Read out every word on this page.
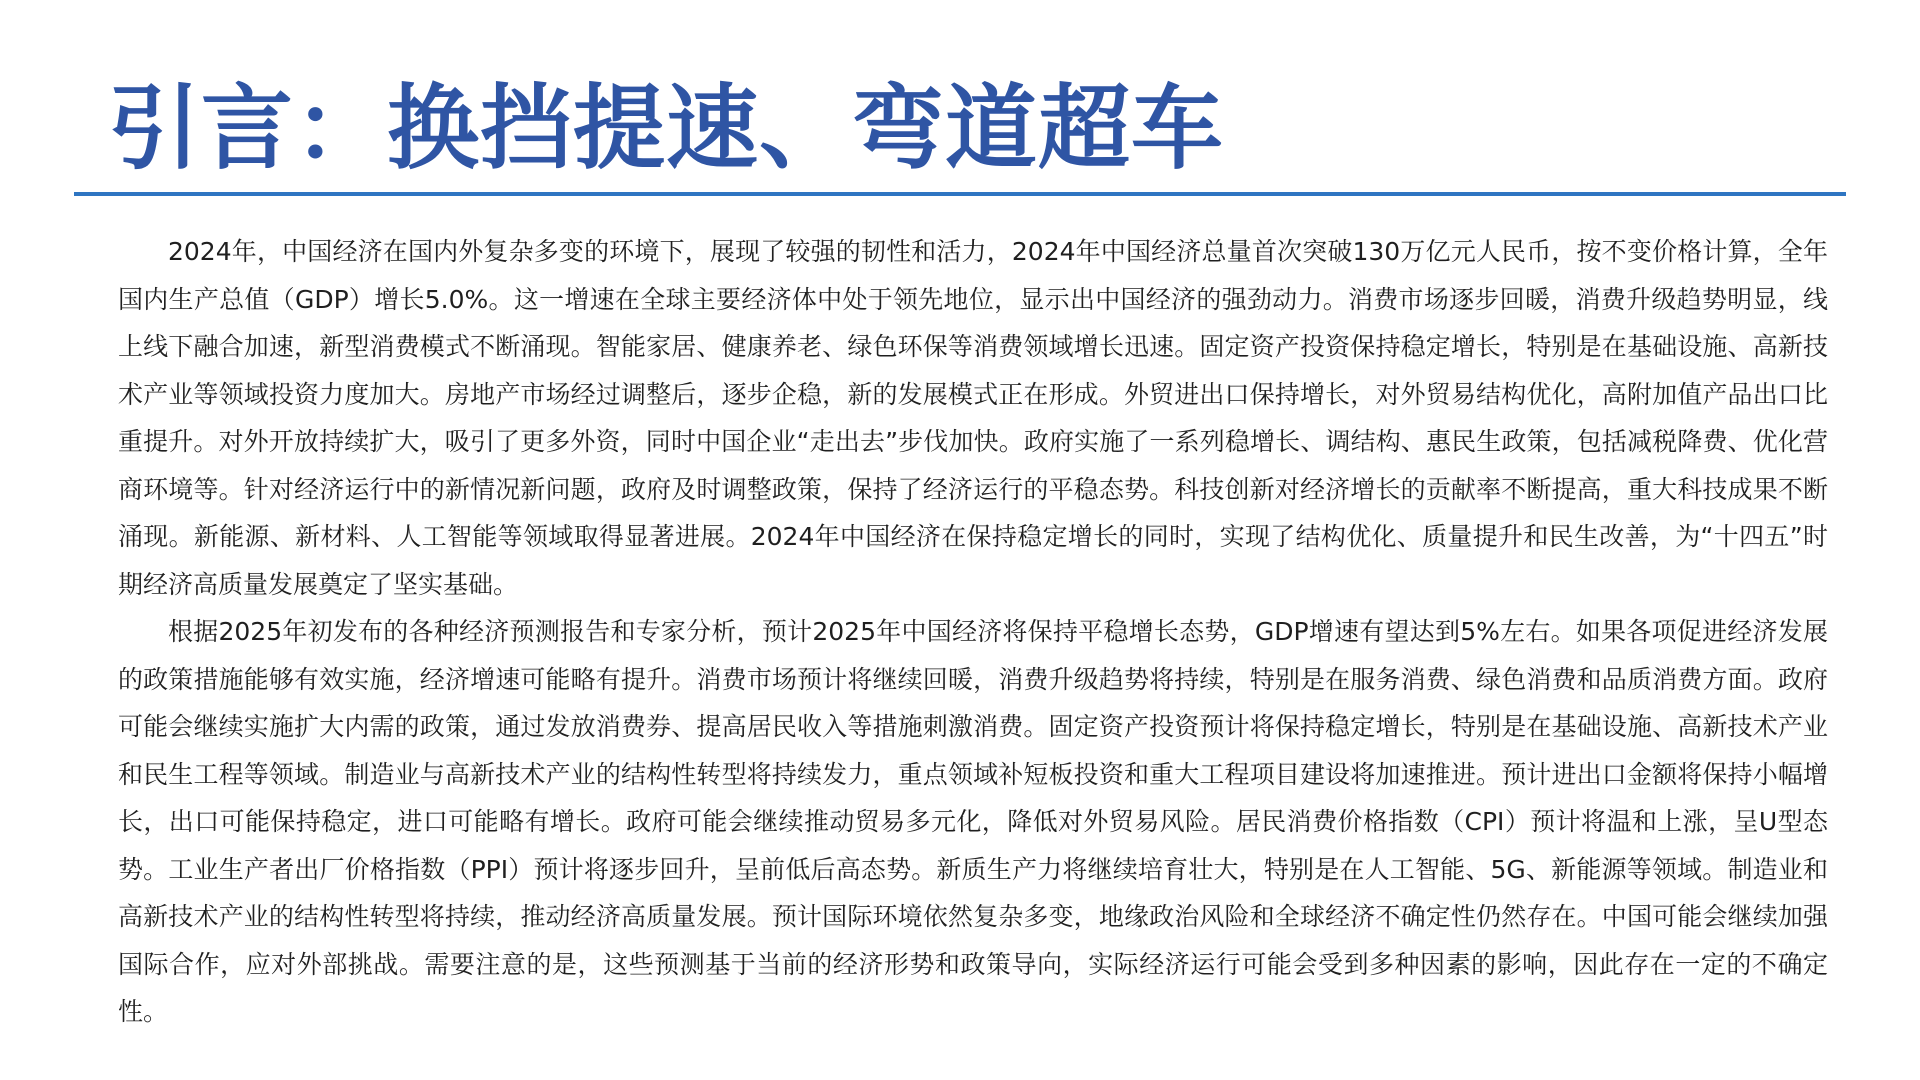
引言：换挡提速、弯道超车

2024年，中国经济在国内外复杂多变的环境下，展现了较强的韧性和活力，2024年中国经济总量首次突破130万亿元人民币，按不变价格计算，全年国内生产总值（GDP）增长5.0%。这一增速在全球主要经济体中处于领先地位，显示出中国经济的强劲动力。消费市场逐步回暖，消费升级趋势明显，线上线下融合加速，新型消费模式不断涌现。智能家居、健康养老、绿色环保等消费领域增长迅速。固定资产投资保持稳定增长，特别是在基础设施、高新技术产业等领域投资力度加大。房地产市场经过调整后，逐步企稳，新的发展模式正在形成。外贸进出口保持增长，对外贸易结构优化，高附加值产品出口比重提升。对外开放持续扩大，吸引了更多外资，同时中国企业“走出去”步伐加快。政府实施了一系列稳增长、调结构、惠民生政策，包括减税降费、优化营商环境等。针对经济运行中的新情况新问题，政府及时调整政策，保持了经济运行的平稳态势。科技创新对经济增长的贡献率不断提高，重大科技成果不断涌现。新能源、新材料、人工智能等领域取得显著进展。2024年中国经济在保持稳定增长的同时，实现了结构优化、质量提升和民生改善，为“十四五”时期经济高质量发展奠定了坚实基础。

根据2025年初发布的各种经济预测报告和专家分析，预计2025年中国经济将保持平稳增长态势，GDP增速有望达到5%左右。如果各项促进经济发展的政策措施能够有效实施，经济增速可能略有提升。消费市场预计将继续回暖，消费升级趋势将持续，特别是在服务消费、绿色消费和品质消费方面。政府可能会继续实施扩大内需的政策，通过发放消费券、提高居民收入等措施刺激消费。固定资产投资预计将保持稳定增长，特别是在基础设施、高新技术产业和民生工程等领域。制造业与高新技术产业的结构性转型将持续发力，重点领域补短板投资和重大工程项目建设将加速推进。预计进出口金额将保持小幅增长，出口可能保持稳定，进口可能略有增长。政府可能会继续推动贸易多元化，降低对外贸易风险。居民消费价格指数（CPI）预计将温和上涨，呈U型态势。工业生产者出厂价格指数（PPI）预计将逐步回升，呈前低后高态势。新质生产力将继续培育壮大，特别是在人工智能、5G、新能源等领域。制造业和高新技术产业的结构性转型将持续，推动经济高质量发展。预计国际环境依然复杂多变，地缘政治风险和全球经济不确定性仍然存在。中国可能会继续加强国际合作，应对外部挑战。需要注意的是，这些预测基于当前的经济形势和政策导向，实际经济运行可能会受到多种因素的影响，因此存在一定的不确定性。
